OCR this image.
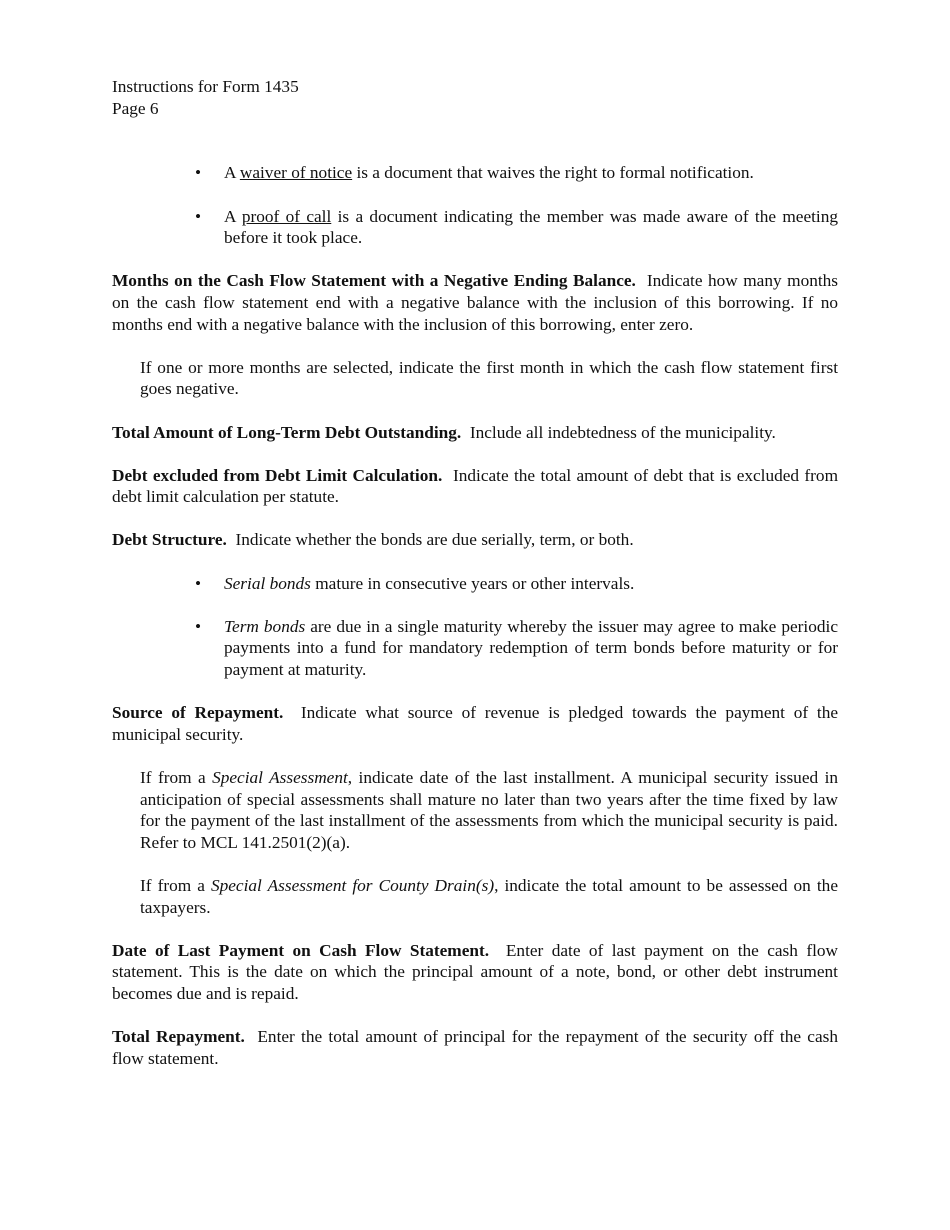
Instructions for Form 1435
Page 6
• A waiver of notice is a document that waives the right to formal notification.
• A proof of call is a document indicating the member was made aware of the meeting before it took place.

Months on the Cash Flow Statement with a Negative Ending Balance. Indicate how many months on the cash flow statement end with a negative balance with the inclusion of this borrowing. If no months end with a negative balance with the inclusion of this borrowing, enter zero.

If one or more months are selected, indicate the first month in which the cash flow statement first goes negative.

Total Amount of Long-Term Debt Outstanding. Include all indebtedness of the municipality.

Debt excluded from Debt Limit Calculation. Indicate the total amount of debt that is excluded from debt limit calculation per statute.

Debt Structure. Indicate whether the bonds are due serially, term, or both.

• Serial bonds mature in consecutive years or other intervals.
• Term bonds are due in a single maturity whereby the issuer may agree to make periodic payments into a fund for mandatory redemption of term bonds before maturity or for payment at maturity.

Source of Repayment. Indicate what source of revenue is pledged towards the payment of the municipal security.

If from a Special Assessment, indicate date of the last installment. A municipal security issued in anticipation of special assessments shall mature no later than two years after the time fixed by law for the payment of the last installment of the assessments from which the municipal security is paid. Refer to MCL 141.2501(2)(a).

If from a Special Assessment for County Drain(s), indicate the total amount to be assessed on the taxpayers.

Date of Last Payment on Cash Flow Statement. Enter date of last payment on the cash flow statement. This is the date on which the principal amount of a note, bond, or other debt instrument becomes due and is repaid.

Total Repayment. Enter the total amount of principal for the repayment of the security off the cash flow statement.
